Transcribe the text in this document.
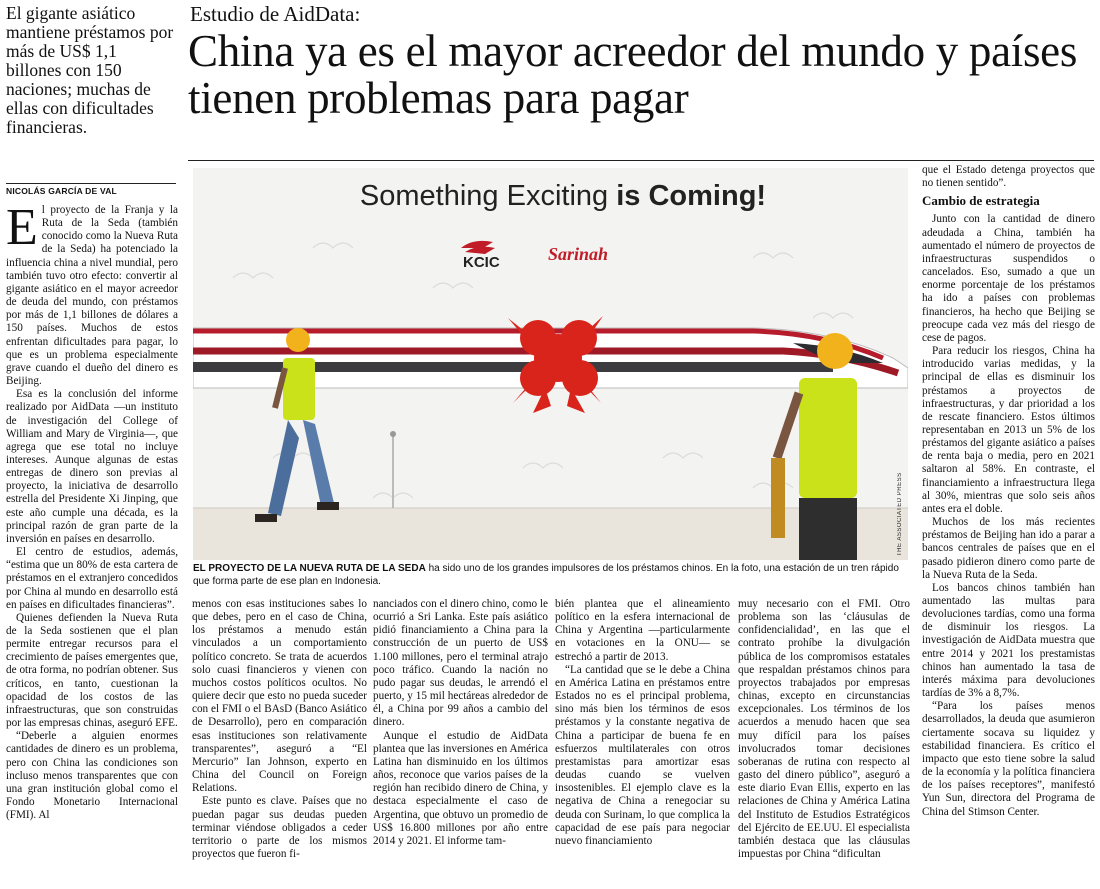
El gigante asiático mantiene préstamos por más de US$ 1,1 billones con 150 naciones; muchas de ellas con dificultades financieras.
NICOLÁS GARCÍA DE VAL
Estudio de AidData:
China ya es el mayor acreedor del mundo y países tienen problemas para pagar
Something Exciting is Coming!
KCIC	Sarinah
THE ASSOCIATED PRESS
EL PROYECTO DE LA NUEVA RUTA DE LA SEDA ha sido uno de los grandes impulsores de los préstamos chinos. En la foto, una estación de un tren rápido que forma parte de ese plan en Indonesia.

El proyecto de la Franja y la Ruta de la Seda (también conocido como la Nueva Ruta de la Seda) ha potenciado la influencia china a nivel mundial, pero también tuvo otro efecto: convertir al gigante asiático en el mayor acreedor de deuda del mundo, con préstamos por más de 1,1 billones de dólares a 150 países. Muchos de estos enfrentan dificultades para pagar, lo que es un problema especialmente grave cuando el dueño del dinero es Beijing.

Esa es la conclusión del informe realizado por AidData —un instituto de investigación del College of William and Mary de Virginia—, que agrega que ese total no incluye intereses. Aunque algunas de estas entregas de dinero son previas al proyecto, la iniciativa de desarrollo estrella del Presidente Xi Jinping, que este año cumple una década, es la principal razón de gran parte de la inversión en países en desarrollo.

El centro de estudios, además, “estima que un 80% de esta cartera de préstamos en el extranjero concedidos por China al mundo en desarrollo está en países en dificultades financieras”.

Quienes defienden la Nueva Ruta de la Seda sostienen que el plan permite entregar recursos para el crecimiento de países emergentes que, de otra forma, no podrían obtener. Sus críticos, en tanto, cuestionan la opacidad de los costos de las infraestructuras, que son construidas por las empresas chinas, aseguró EFE.

“Deberle a alguien enormes cantidades de dinero es un problema, pero con China las condiciones son incluso menos transparentes que con una gran institución global como el Fondo Monetario Internacional (FMI). Al

menos con esas instituciones sabes lo que debes, pero en el caso de China, los préstamos a menudo están vinculados a un comportamiento político concreto. Se trata de acuerdos solo cuasi financieros y vienen con muchos costos políticos ocultos. No quiere decir que esto no pueda suceder con el FMI o el BAsD (Banco Asiático de Desarrollo), pero en comparación esas instituciones son relativamente transparentes”, aseguró a “El Mercurio” Ian Johnson, experto en China del Council on Foreign Relations.

Este punto es clave. Países que no puedan pagar sus deudas pueden terminar viéndose obligados a ceder territorio o parte de los mismos proyectos que fueron fi-

nanciados con el dinero chino, como le ocurrió a Sri Lanka. Este país asiático pidió financiamiento a China para la construcción de un puerto de US$ 1.100 millones, pero el terminal atrajo poco tráfico. Cuando la nación no pudo pagar sus deudas, le arrendó el puerto, y 15 mil hectáreas alrededor de él, a China por 99 años a cambio del dinero.

Aunque el estudio de AidData plantea que las inversiones en América Latina han disminuido en los últimos años, reconoce que varios países de la región han recibido dinero de China, y destaca especialmente el caso de Argentina, que obtuvo un promedio de US$ 16.800 millones por año entre 2014 y 2021. El informe tam-

bién plantea que el alineamiento político en la esfera internacional de China y Argentina —particularmente en votaciones en la ONU— se estrechó a partir de 2013.

“La cantidad que se le debe a China en América Latina en préstamos entre Estados no es el principal problema, sino más bien los términos de esos préstamos y la constante negativa de China a participar de buena fe en esfuerzos multilaterales con otros prestamistas para amortizar esas deudas cuando se vuelven insostenibles. El ejemplo clave es la negativa de China a renegociar su deuda con Surinam, lo que complica la capacidad de ese país para negociar nuevo financiamiento

muy necesario con el FMI. Otro problema son las ‘cláusulas de confidencialidad’, en las que el contrato prohíbe la divulgación pública de los compromisos estatales que respaldan préstamos chinos para proyectos trabajados por empresas chinas, excepto en circunstancias excepcionales. Los términos de los acuerdos a menudo hacen que sea muy difícil para los países involucrados tomar decisiones soberanas de rutina con respecto al gasto del dinero público”, aseguró a este diario Evan Ellis, experto en las relaciones de China y América Latina del Instituto de Estudios Estratégicos del Ejército de EE.UU. El especialista también destaca que las cláusulas impuestas por China “dificultan

que el Estado detenga proyectos que no tienen sentido”.

Cambio de estrategia

Junto con la cantidad de dinero adeudada a China, también ha aumentado el número de proyectos de infraestructuras suspendidos o cancelados. Eso, sumado a que un enorme porcentaje de los préstamos ha ido a países con problemas financieros, ha hecho que Beijing se preocupe cada vez más del riesgo de cese de pagos.

Para reducir los riesgos, China ha introducido varias medidas, y la principal de ellas es disminuir los préstamos a proyectos de infraestructuras, y dar prioridad a los de rescate financiero. Estos últimos representaban en 2013 un 5% de los préstamos del gigante asiático a países de renta baja o media, pero en 2021 saltaron al 58%. En contraste, el financiamiento a infraestructura llega al 30%, mientras que solo seis años antes era el doble.

Muchos de los más recientes préstamos de Beijing han ido a parar a bancos centrales de países que en el pasado pidieron dinero como parte de la Nueva Ruta de la Seda.

Los bancos chinos también han aumentado las multas para devoluciones tardías, como una forma de disminuir los riesgos. La investigación de AidData muestra que entre 2014 y 2021 los prestamistas chinos han aumentado la tasa de interés máxima para devoluciones tardías de 3% a 8,7%.

“Para los países menos desarrollados, la deuda que asumieron ciertamente socava su liquidez y estabilidad financiera. Es crítico el impacto que esto tiene sobre la salud de la economía y la política financiera de los países receptores”, manifestó Yun Sun, directora del Programa de China del Stimson Center.
